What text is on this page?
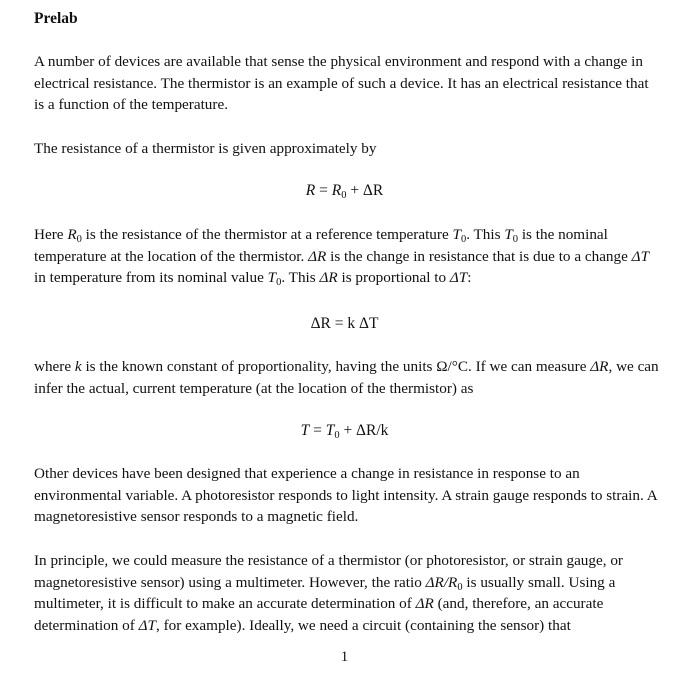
Prelab
A number of devices are available that sense the physical environment and respond with a change in electrical resistance. The thermistor is an example of such a device. It has an electrical resistance that is a function of the temperature.
The resistance of a thermistor is given approximately by
$R = R_0 + \Delta R$
Here $R_0$ is the resistance of the thermistor at a reference temperature $T_0$. This $T_0$ is the nominal temperature at the location of the thermistor. ΔR is the change in resistance that is due to a change ΔT in temperature from its nominal value $T_0$. This ΔR is proportional to ΔT:
ΔR = k ΔT
where k is the known constant of proportionality, having the units Ω/°C. If we can measure ΔR, we can infer the actual, current temperature (at the location of the thermistor) as
$T = T_0 + \Delta R/k$
Other devices have been designed that experience a change in resistance in response to an environmental variable. A photoresistor responds to light intensity. A strain gauge responds to strain. A magnetoresistive sensor responds to a magnetic field.
In principle, we could measure the resistance of a thermistor (or photoresistor, or strain gauge, or magnetoresistive sensor) using a multimeter. However, the ratio $\Delta R/R_0$ is usually small. Using a multimeter, it is difficult to make an accurate determination of ΔR (and, therefore, an accurate determination of ΔT, for example). Ideally, we need a circuit (containing the sensor) that
1
